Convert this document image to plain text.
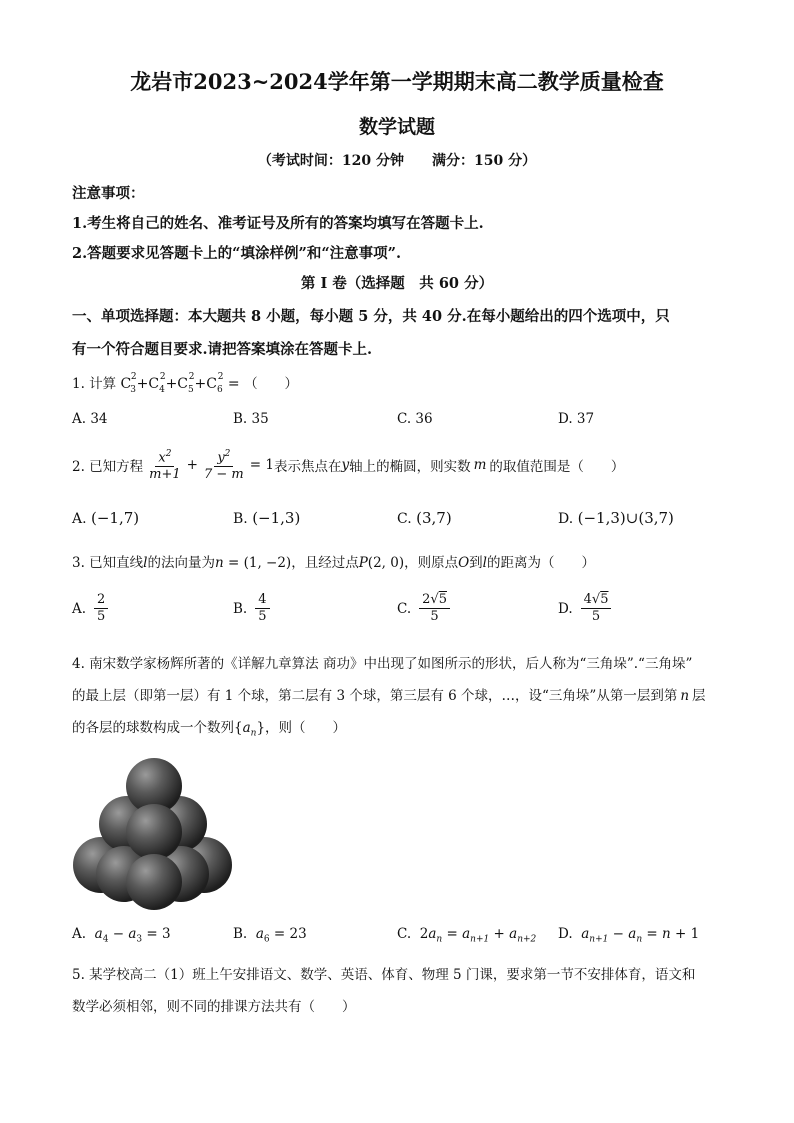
龙岩市2023~2024学年第一学期期末高二教学质量检查
数学试题
（考试时间：120 分钟　　满分：150 分）
注意事项：
1.考生将自己的姓名、准考证号及所有的答案均填写在答题卡上.
2.答题要求见答题卡上的“填涂样例”和“注意事项”.
第 I 卷（选择题　共 60 分）
一、单项选择题：本大题共 8 小题，每小题 5 分，共 40 分.在每小题给出的四个选项中，只
有一个符合题目要求.请把答案填涂在答题卡上.
1. 计算 $C_3^2+C_4^2+C_5^2+C_6^2$ = （　　）
A. 34	B. 35	C. 36	D. 37
2. 已知方程 $\frac{x^2}{m+1} + \frac{y^2}{7 - m} = 1$ 表示焦点在 y 轴上的椭圆，则实数 m 的取值范围是（　　）
A. (−1,7)	B. (−1,3)	C. (3,7)	D. (−1,3)∪(3,7)
3. 已知直线l的法向量为n = (1, −2)，且经过点P(2, 0)，则原点O到l的距离为（　　）
A. $\frac{2}{5}$	B. $\frac{4}{5}$	C. $\frac{2√5}{5}$	D. $\frac{4√5}{5}$
4. 南宋数学家杨辉所著的《详解九章算法 商功》中出现了如图所示的形状，后人称为“三角垛”.“三角垛”
的最上层（即第一层）有 1 个球，第二层有 3 个球，第三层有 6 个球，…，设“三角垛”从第一层到第 n 层
的各层的球数构成一个数列$\{a_n\}$，则（　　）
A. $a_4 - a_3 = 3$	B. $a_6 = 23$	C. $2a_n = a_{n+1} + a_{n+2}$ D. $a_{n+1} - a_n = n + 1$
5. 某学校高二（1）班上午安排语文、数学、英语、体育、物理 5 门课，要求第一节不安排体育，语文和
数学必须相邻，则不同的排课方法共有（　　）
